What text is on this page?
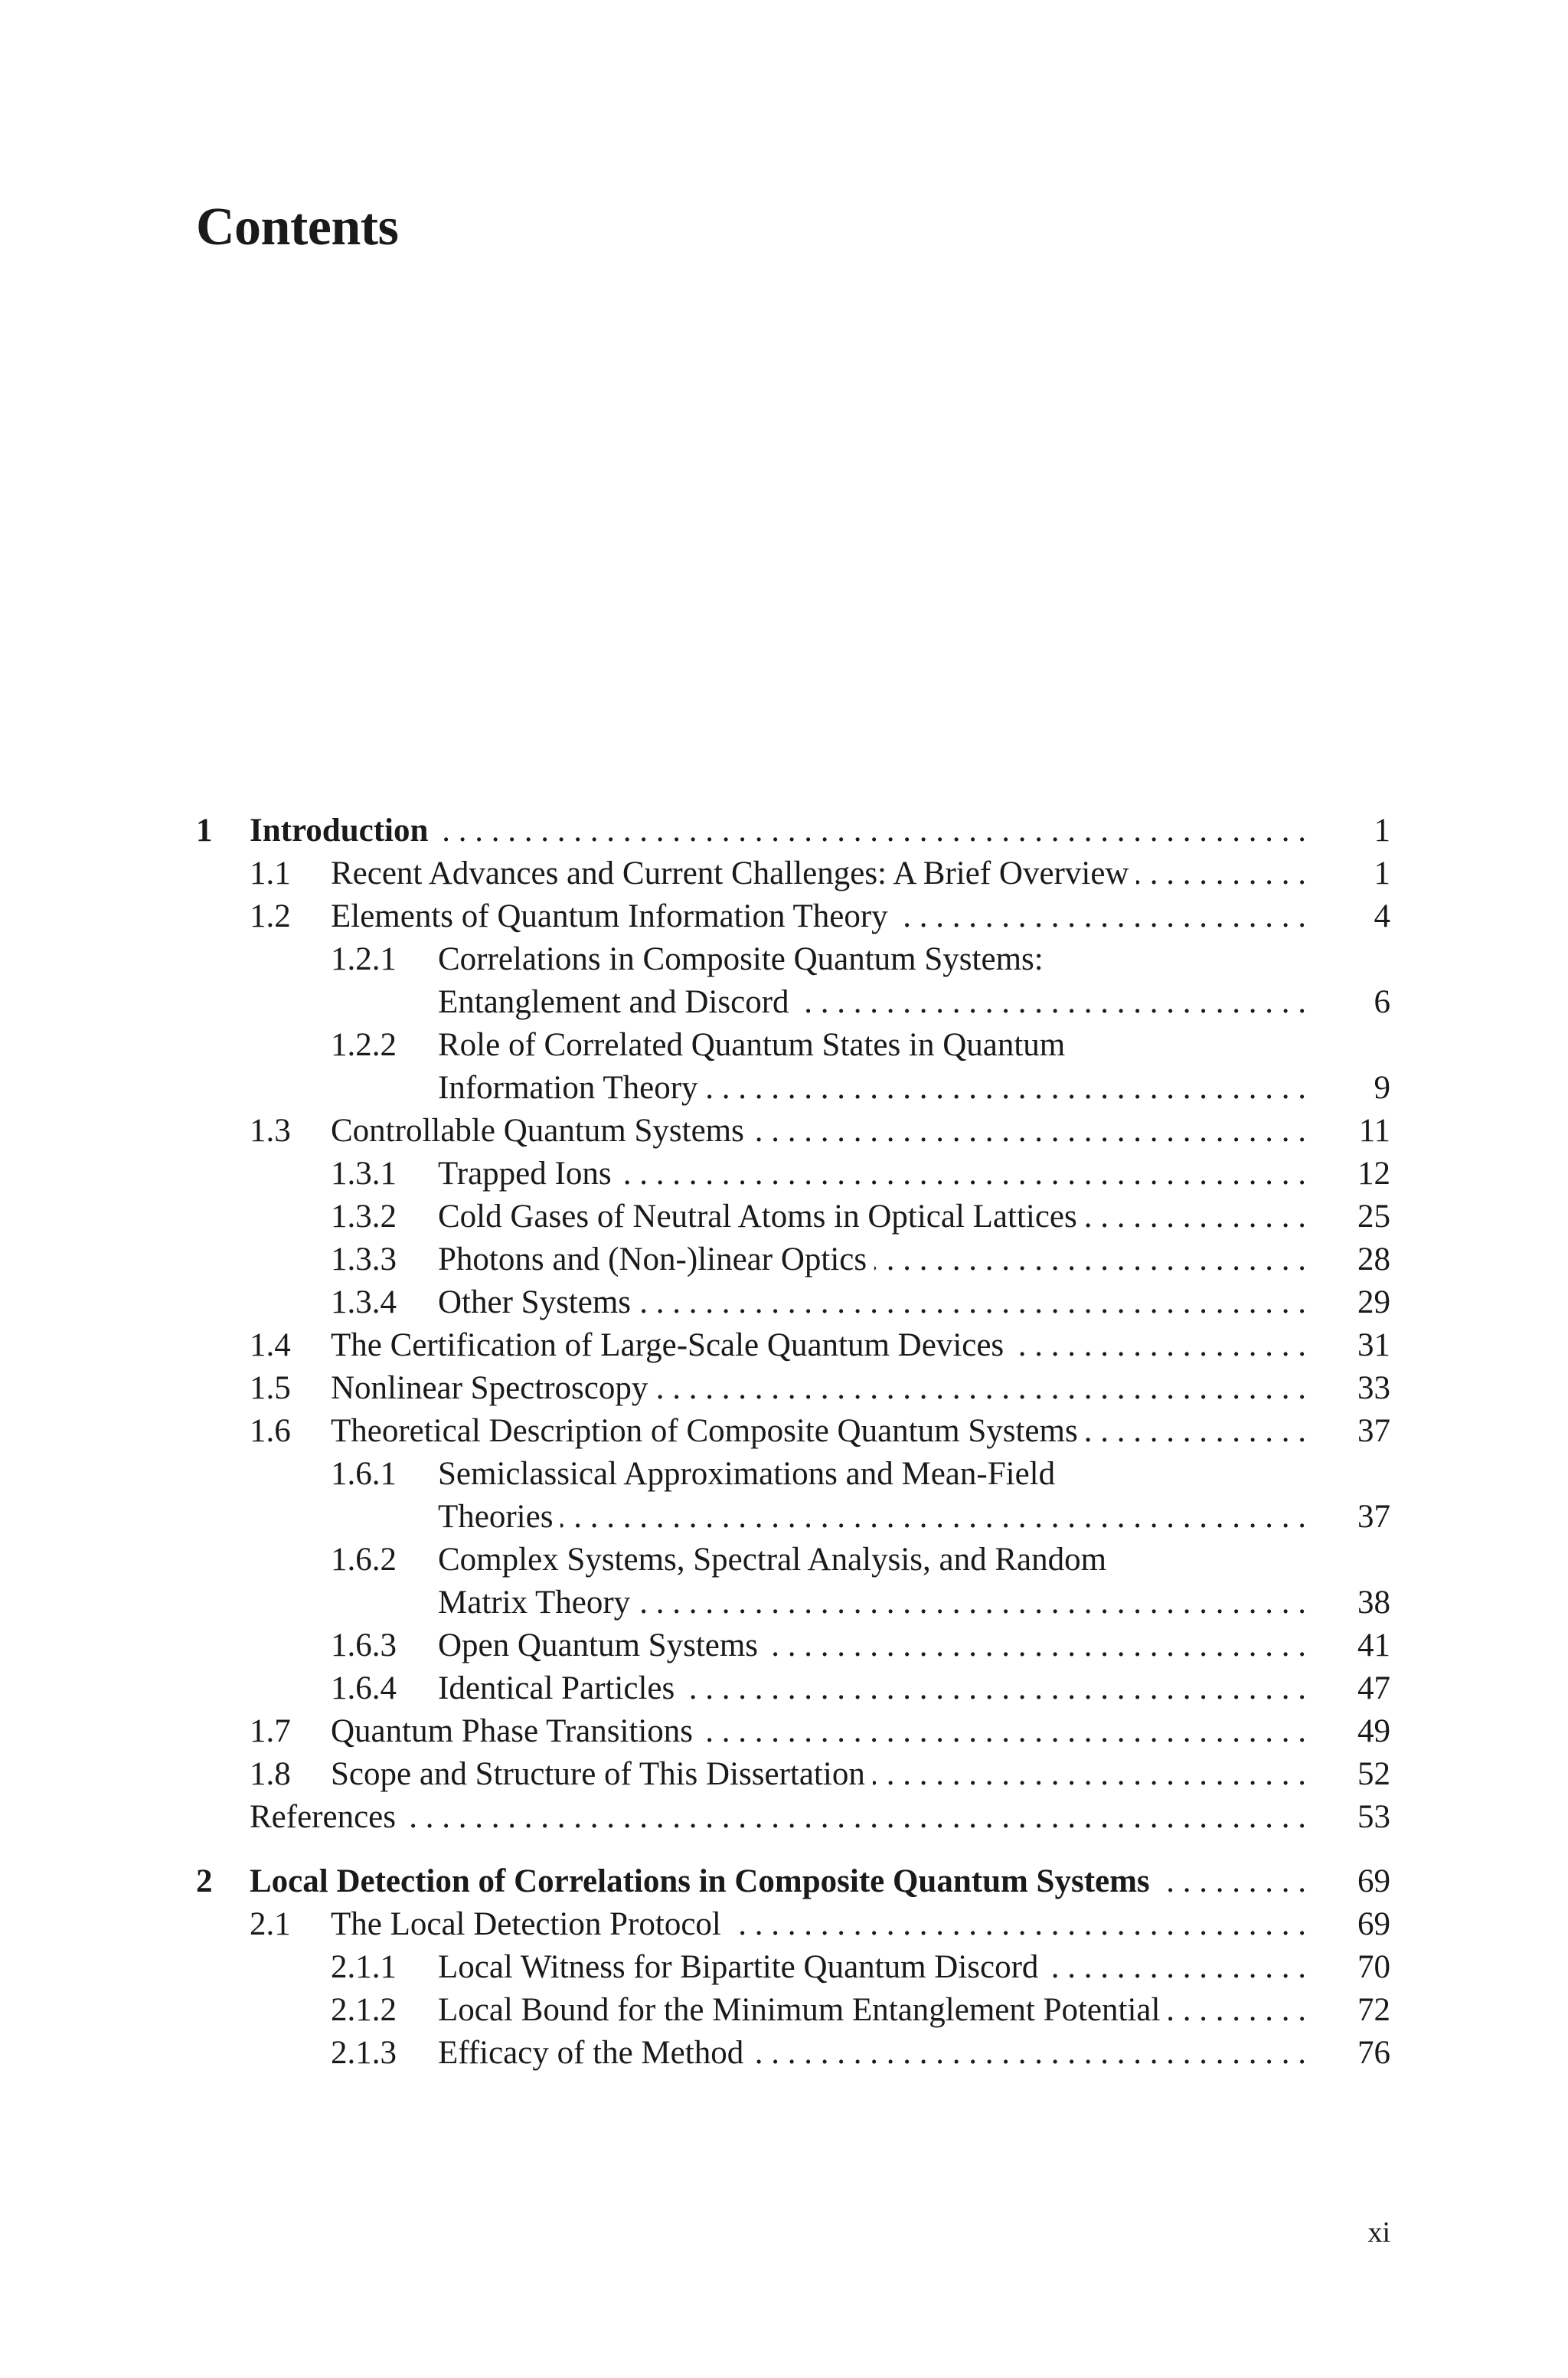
Contents
1 Introduction . . .	1
1.1 Recent Advances and Current Challenges: A Brief Overview . . .	1
1.2 Elements of Quantum Information Theory . . .	4
1.2.1 Correlations in Composite Quantum Systems:
Entanglement and Discord . . .	6
1.2.2 Role of Correlated Quantum States in Quantum
Information Theory . . .	9
1.3 Controllable Quantum Systems . . .	11
1.3.1 Trapped Ions . . .	12
1.3.2 Cold Gases of Neutral Atoms in Optical Lattices . . .	25
1.3.3 Photons and (Non-)linear Optics . . .	28
1.3.4 Other Systems . . .	29
1.4 The Certification of Large-Scale Quantum Devices . . .	31
1.5 Nonlinear Spectroscopy . . .	33
1.6 Theoretical Description of Composite Quantum Systems . . .	37
1.6.1 Semiclassical Approximations and Mean-Field
Theories . . .	37
1.6.2 Complex Systems, Spectral Analysis, and Random
Matrix Theory . . .	38
1.6.3 Open Quantum Systems . . .	41
1.6.4 Identical Particles . . .	47
1.7 Quantum Phase Transitions . . .	49
1.8 Scope and Structure of This Dissertation . . .	52
References . . .	53
2 Local Detection of Correlations in Composite Quantum Systems . . .	69
2.1 The Local Detection Protocol . . .	69
2.1.1 Local Witness for Bipartite Quantum Discord . . .	70
2.1.2 Local Bound for the Minimum Entanglement Potential . . .	72
2.1.3 Efficacy of the Method . . .	76
xi
